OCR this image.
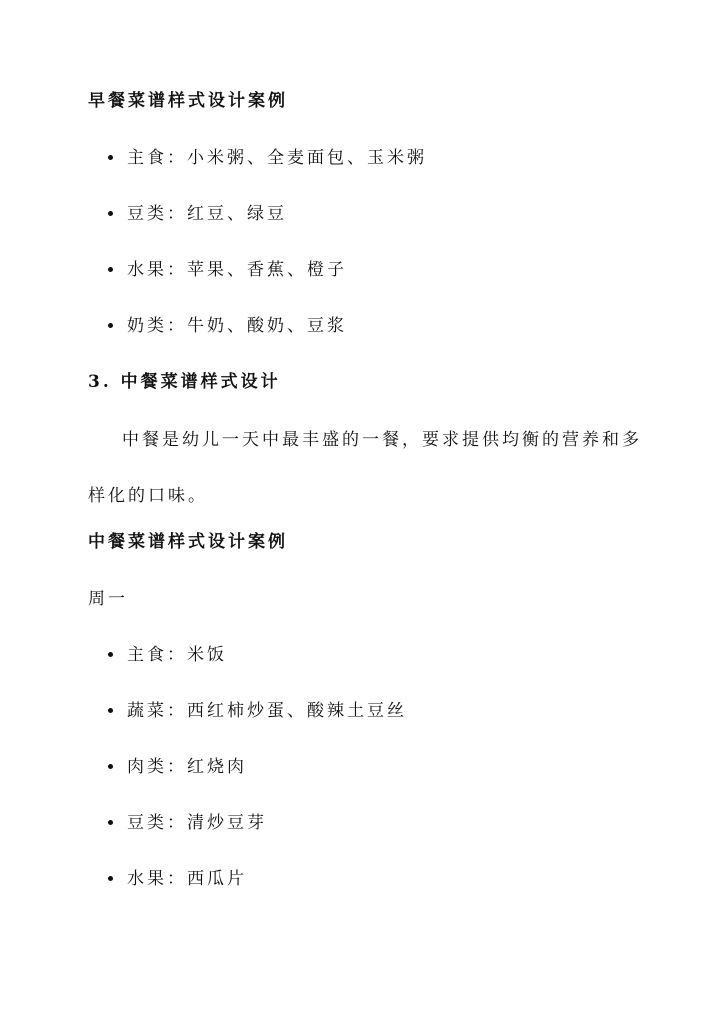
早餐菜谱样式设计案例
主食：小米粥、全麦面包、玉米粥
豆类：红豆、绿豆
水果：苹果、香蕉、橙子
奶类：牛奶、酸奶、豆浆
3. 中餐菜谱样式设计
中餐是幼儿一天中最丰盛的一餐，要求提供均衡的营养和多样化的口味。
中餐菜谱样式设计案例
周一
主食：米饭
蔬菜：西红柿炒蛋、酸辣土豆丝
肉类：红烧肉
豆类：清炒豆芽
水果：西瓜片
